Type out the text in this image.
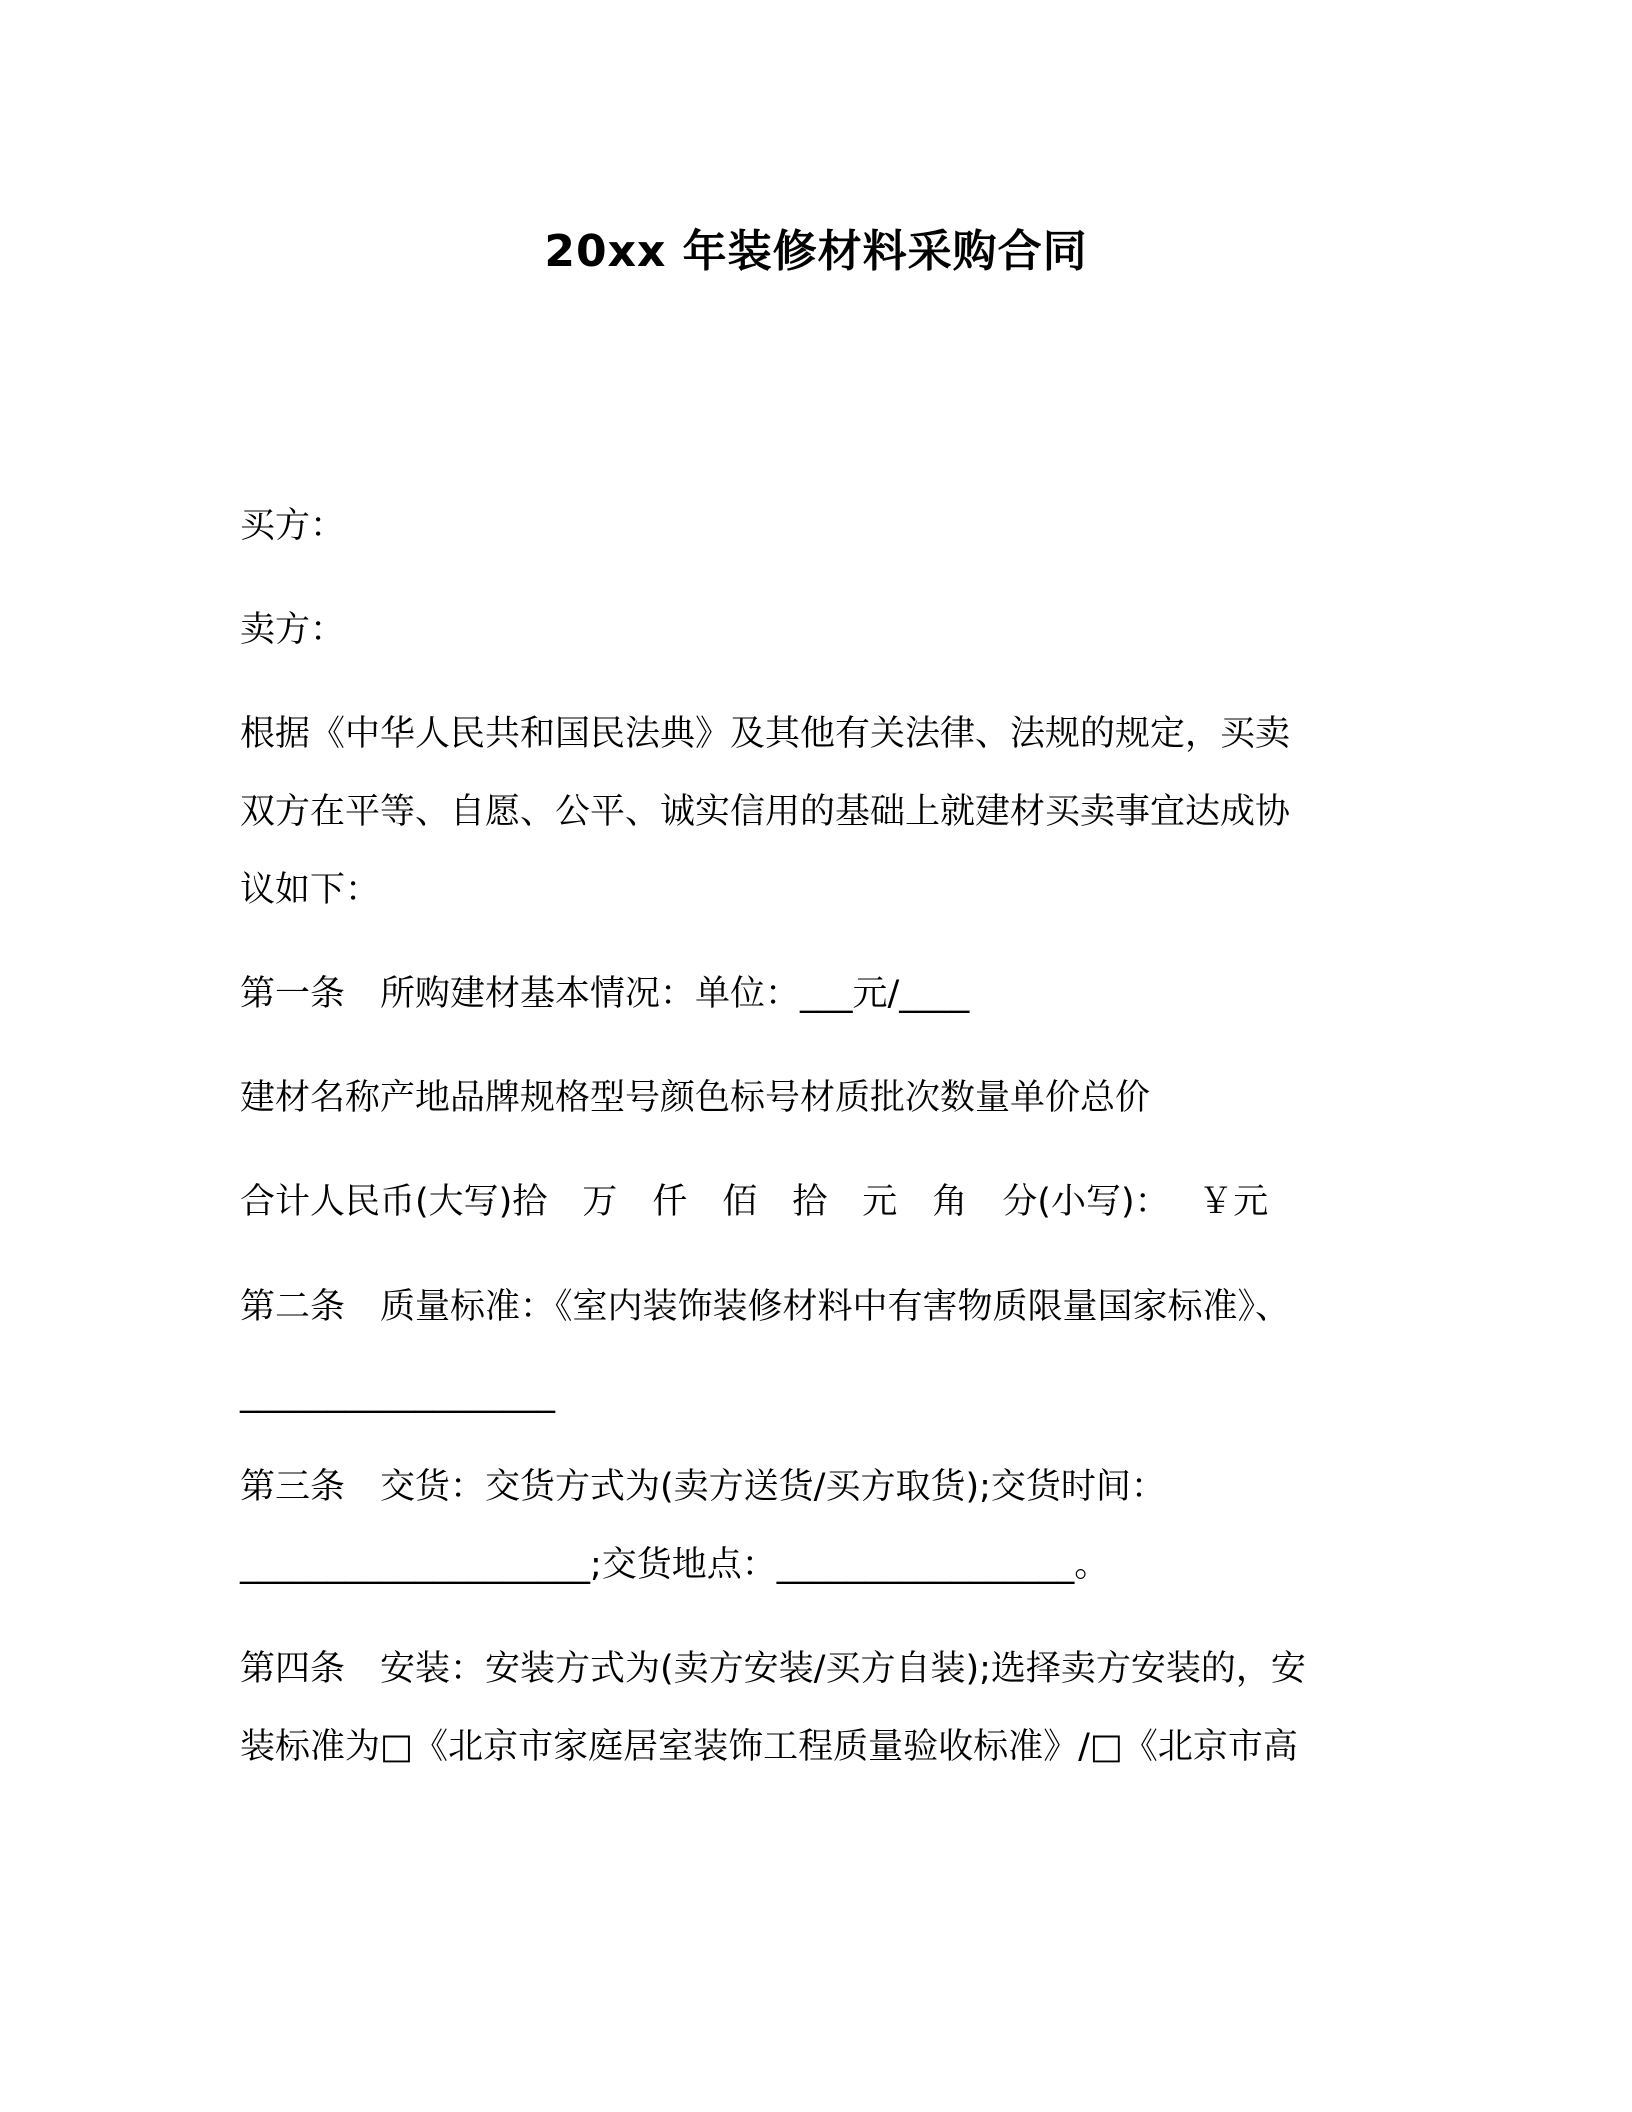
20xx 年装修材料采购合同
买方：
卖方：
根据《中华人民共和国民法典》及其他有关法律、法规的规定，买卖
双方在平等、自愿、公平、诚实信用的基础上就建材买卖事宜达成协
议如下：
第一条　所购建材基本情况：单位：___元/____
建材名称产地品牌规格型号颜色标号材质批次数量单价总价
合计人民币(大写)拾　万　仟　佰　拾　元　角　分(小写)：　 ￥元
第二条　质量标准：《室内装饰装修材料中有害物质限量国家标准》、
__________________
第三条　交货：交货方式为(卖方送货/买方取货);交货时间：
____________________;交货地点：_________________。
第四条　安装：安装方式为(卖方安装/买方自装);选择卖方安装的，安
装标准为□《北京市家庭居室装饰工程质量验收标准》/□《北京市高
